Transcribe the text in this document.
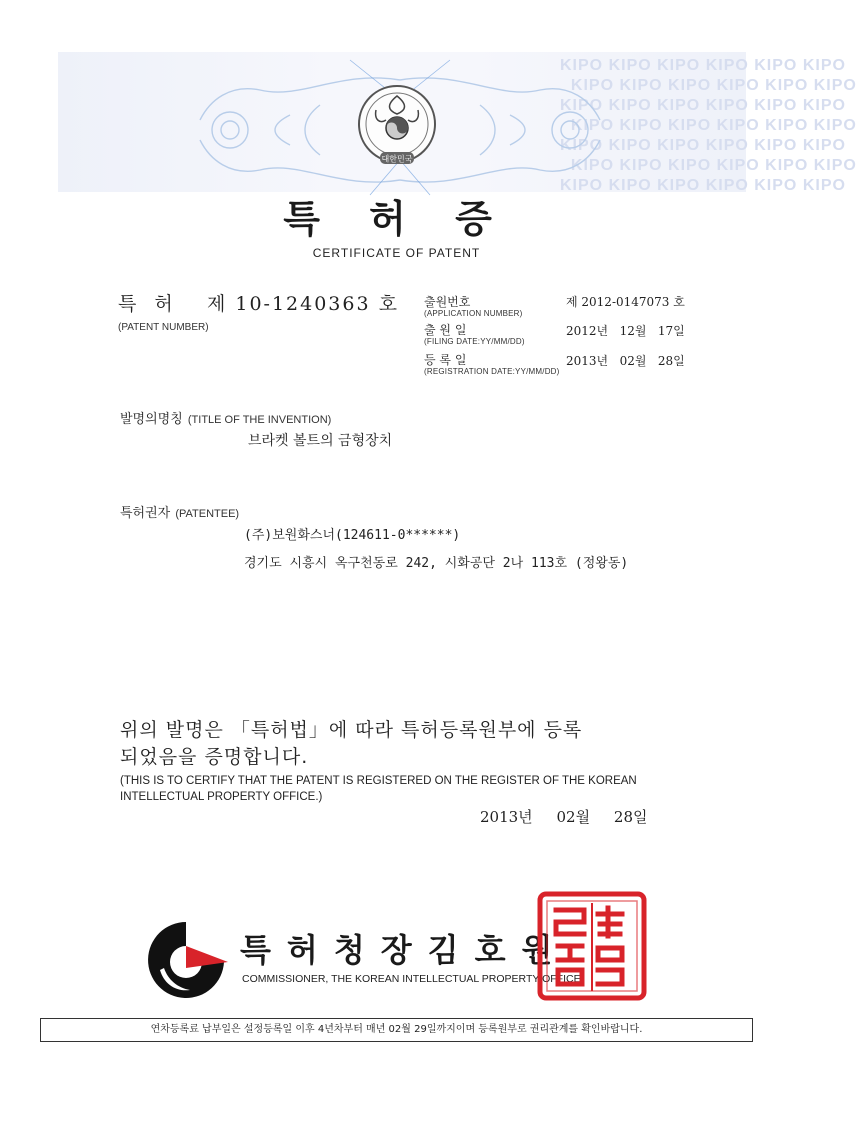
KIPO KIPO KIPO KIPO KIPO KIPO
KIPO KIPO KIPO KIPO KIPO KIPO
KIPO KIPO KIPO KIPO KIPO KIPO
KIPO KIPO KIPO KIPO KIPO KIPO
KIPO KIPO KIPO KIPO KIPO KIPO
KIPO KIPO KIPO KIPO KIPO KIPO
KIPO KIPO KIPO KIPO KIPO KIPO

대한민국
특 허 증
CERTIFICATE OF PATENT
특  허    제 10-1240363 호
(PATENT NUMBER)
출원번호
(APPLICATION NUMBER)
제 2012-0147073 호
출 원 일
(FILING DATE:YY/MM/DD)
2012년   12월   17일
등 록 일
(REGISTRATION DATE:YY/MM/DD)
2013년   02월   28일
발명의명칭 (TITLE OF THE INVENTION)
브라켓 볼트의 금형장치
특허권자 (PATENTEE)
(주)보원화스너(124611-0******)
경기도 시흥시 옥구천동로 242, 시화공단 2나 113호 (정왕동)
위의 발명은 「특허법」에 따라 특허등록원부에 등록
되었음을 증명합니다.
(THIS IS TO CERTIFY THAT THE PATENT IS REGISTERED ON THE REGISTER OF THE KOREAN
INTELLECTUAL PROPERTY OFFICE.)
2013년     02월     28일
특허청장김호원
COMMISSIONER, THE KOREAN INTELLECTUAL PROPERTY OFFICE
연차등록료 납부일은 설정등록일 이후 4년차부터 매년 02월 29일까지이며 등록원부로 권리관계를 확인바랍니다.
